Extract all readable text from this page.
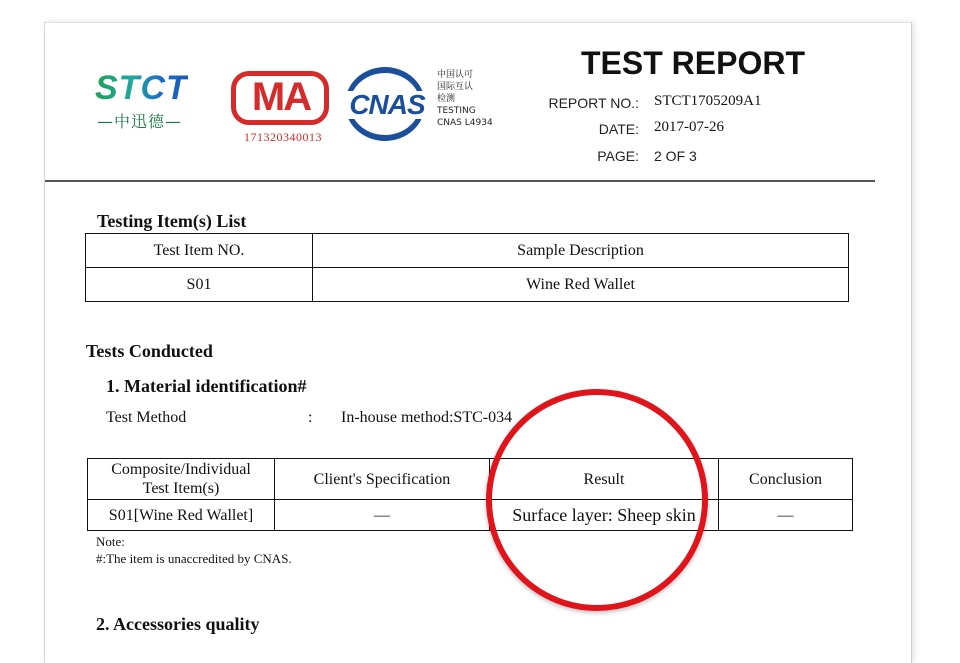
STCT
—中迅德—
MA
171320340013
CNAS
中国认可
国际互认
检测
TESTING
CNAS L4934
TEST REPORT
REPORT NO.: STCT1705209A1
DATE: 2017-07-26
PAGE: 2 OF 3
Testing Item(s) List
Test Item NO.	Sample Description
S01	Wine Red Wallet
Tests Conducted
1. Material identification#
Test Method	: In-house method:STC-034
Composite/Individual
Test Item(s)	Client's Specification	Result	Conclusion
S01[Wine Red Wallet]	—	Surface layer: Sheep skin	—
Note:
#:The item is unaccredited by CNAS.
2. Accessories quality
